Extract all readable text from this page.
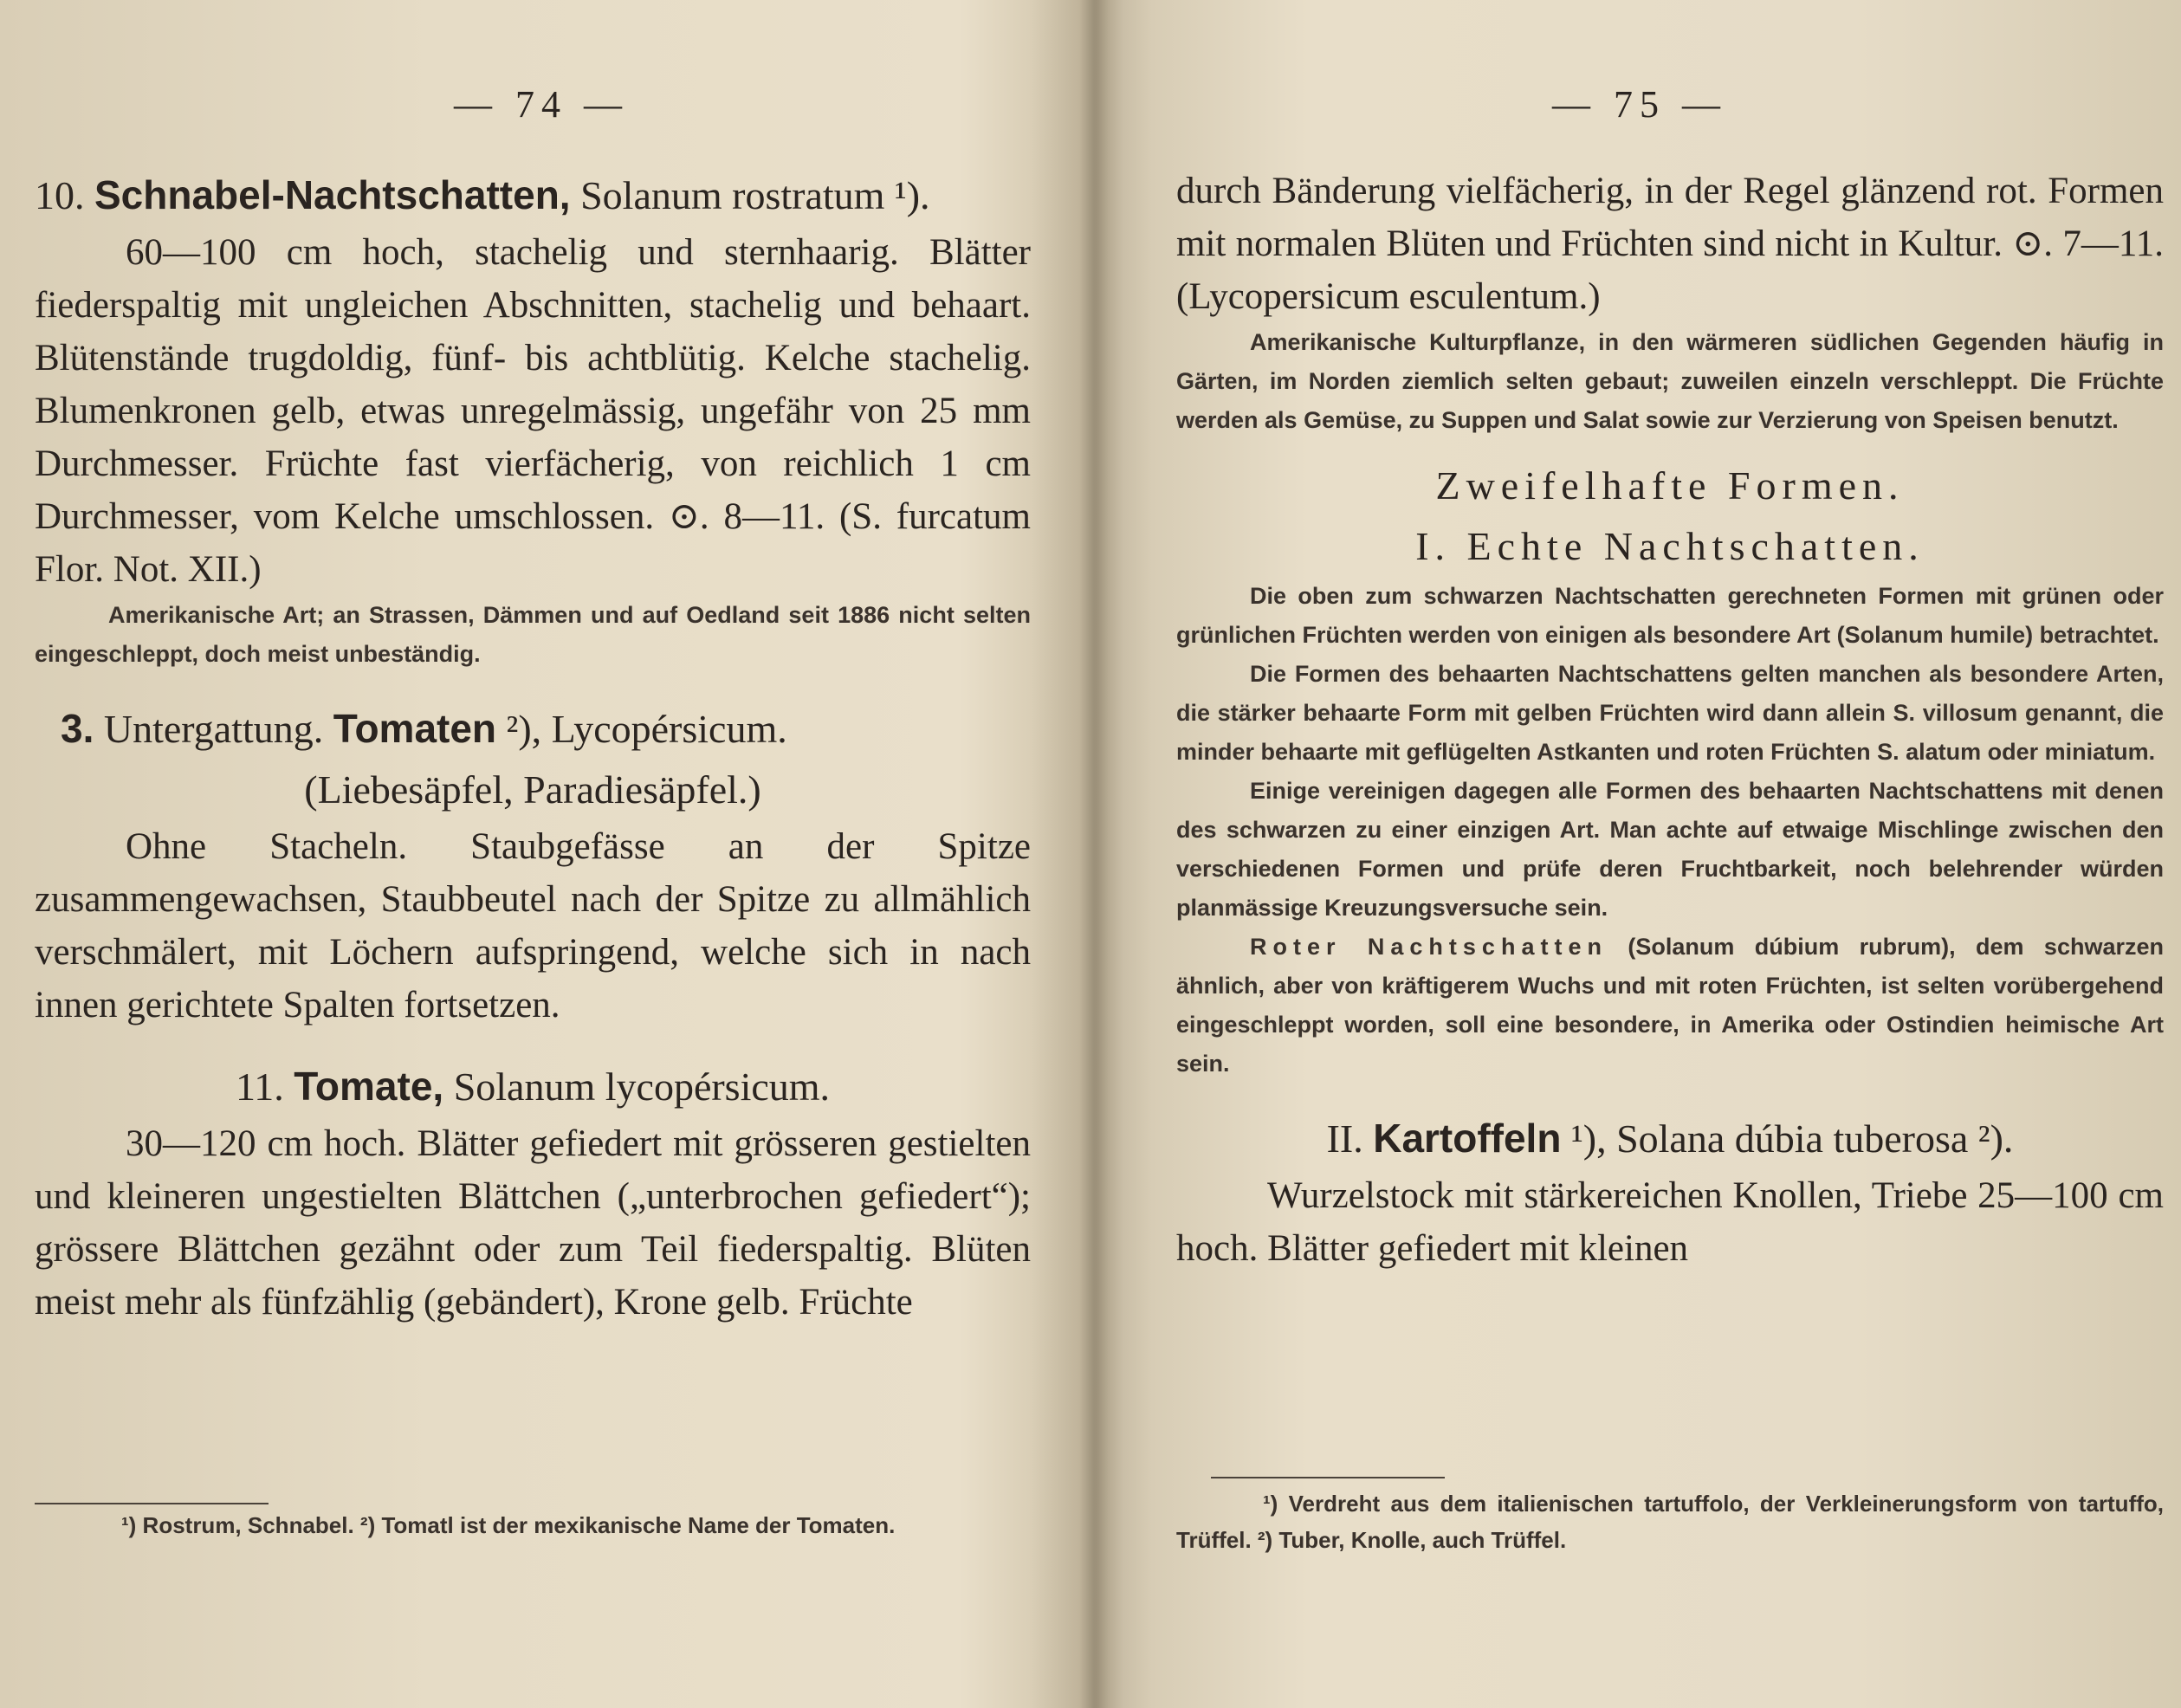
— 74 —

10. Schnabel-Nachtschatten, Solanum rostratum ¹).

60—100 cm hoch, stachelig und sternhaarig. Blätter fiederspaltig mit ungleichen Abschnitten, stachelig und behaart. Blütenstände trugdoldig, fünf- bis achtblütig. Kelche stachelig. Blumenkronen gelb, etwas unregelmässig, ungefähr von 25 mm Durchmesser. Früchte fast vierfächerig, von reichlich 1 cm Durchmesser, vom Kelche umschlossen. ⊙. 8—11. (S. furcatum Flor. Not. XII.)

Amerikanische Art; an Strassen, Dämmen und auf Oedland seit 1886 nicht selten eingeschleppt, doch meist unbeständig.

3. Untergattung. Tomaten ²), Lycopérsicum.

(Liebesäpfel, Paradiesäpfel.)

Ohne Stacheln. Staubgefässe an der Spitze zusammengewachsen, Staubbeutel nach der Spitze zu allmählich verschmälert, mit Löchern aufspringend, welche sich in nach innen gerichtete Spalten fortsetzen.

11. Tomate, Solanum lycopérsicum.

30—120 cm hoch. Blätter gefiedert mit grösseren gestielten und kleineren ungestielten Blättchen („unterbrochen gefiedert“); grössere Blättchen gezähnt oder zum Teil fiederspaltig. Blüten meist mehr als fünfzählig (gebändert), Krone gelb. Früchte

¹) Rostrum, Schnabel. ²) Tomatl ist der mexikanische Name der Tomaten.

— 75 —

durch Bänderung vielfächerig, in der Regel glänzend rot. Formen mit normalen Blüten und Früchten sind nicht in Kultur. ⊙. 7—11. (Lycopersicum esculentum.)

Amerikanische Kulturpflanze, in den wärmeren südlichen Gegenden häufig in Gärten, im Norden ziemlich selten gebaut; zuweilen einzeln verschleppt. Die Früchte werden als Gemüse, zu Suppen und Salat sowie zur Verzierung von Speisen benutzt.

Zweifelhafte Formen.

I. Echte Nachtschatten.

Die oben zum schwarzen Nachtschatten gerechneten Formen mit grünen oder grünlichen Früchten werden von einigen als besondere Art (Solanum humile) betrachtet.

Die Formen des behaarten Nachtschattens gelten manchen als besondere Arten, die stärker behaarte Form mit gelben Früchten wird dann allein S. villosum genannt, die minder behaarte mit geflügelten Astkanten und roten Früchten S. alatum oder miniatum.

Einige vereinigen dagegen alle Formen des behaarten Nachtschattens mit denen des schwarzen zu einer einzigen Art. Man achte auf etwaige Mischlinge zwischen den verschiedenen Formen und prüfe deren Fruchtbarkeit, noch belehrender würden planmässige Kreuzungsversuche sein.

Roter Nachtschatten (Solanum dúbium rubrum), dem schwarzen ähnlich, aber von kräftigerem Wuchs und mit roten Früchten, ist selten vorübergehend eingeschleppt worden, soll eine besondere, in Amerika oder Ostindien heimische Art sein.

II. Kartoffeln ¹), Solana dúbia tuberosa ²).

Wurzelstock mit stärkereichen Knollen, Triebe 25—100 cm hoch. Blätter gefiedert mit kleinen

¹) Verdreht aus dem italienischen tartuffolo, der Verkleinerungsform von tartuffo, Trüffel. ²) Tuber, Knolle, auch Trüffel.
